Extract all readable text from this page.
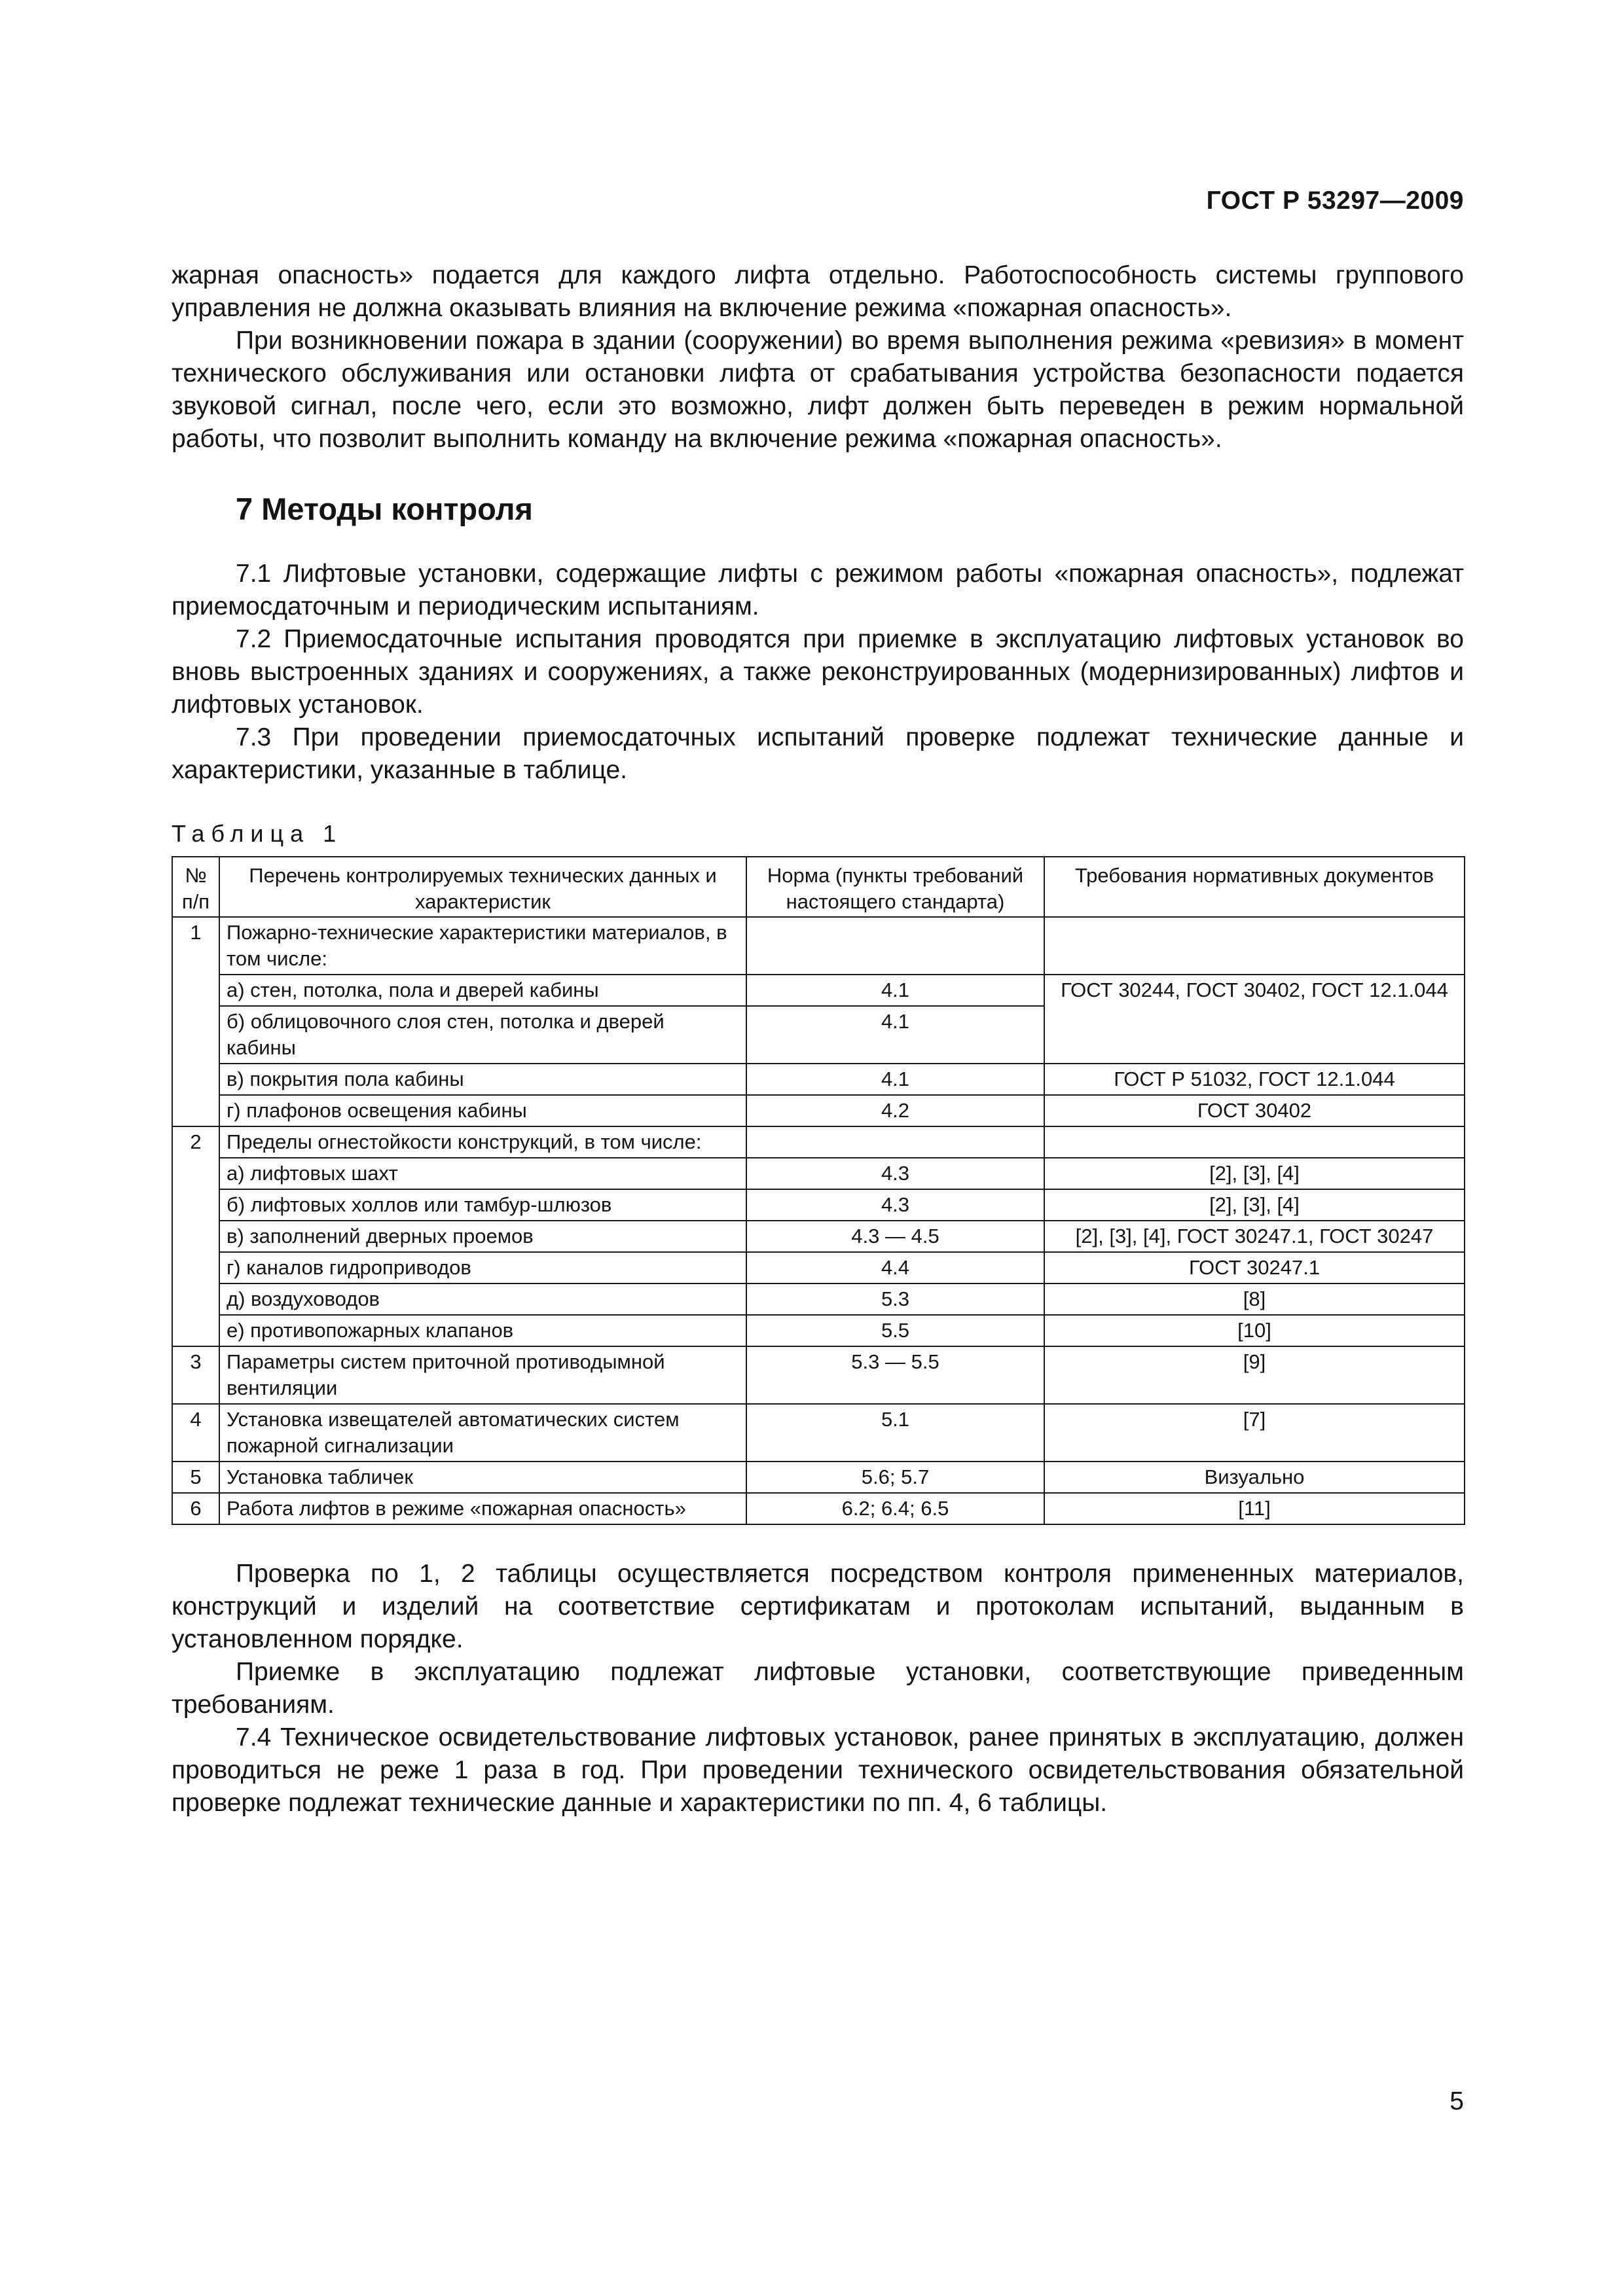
ГОСТ Р 53297—2009

жарная опасность» подается для каждого лифта отдельно. Работоспособность системы группового управления не должна оказывать влияния на включение режима «пожарная опасность».

При возникновении пожара в здании (сооружении) во время выполнения режима «ревизия» в момент технического обслуживания или остановки лифта от срабатывания устройства безопасности подается звуковой сигнал, после чего, если это возможно, лифт должен быть переведен в режим нормальной работы, что позволит выполнить команду на включение режима «пожарная опасность».

7 Методы контроля

7.1 Лифтовые установки, содержащие лифты с режимом работы «пожарная опасность», подлежат приемосдаточным и периодическим испытаниям.

7.2 Приемосдаточные испытания проводятся при приемке в эксплуатацию лифтовых установок во вновь выстроенных зданиях и сооружениях, а также реконструированных (модернизированных) лифтов и лифтовых установок.

7.3 При проведении приемосдаточных испытаний проверке подлежат технические данные и характеристики, указанные в таблице.

Таблица 1
№ п/п	Перечень контролируемых технических данных и характеристик	Норма (пункты требований настоящего стандарта)	Требования нормативных документов
1	Пожарно-технические характеристики материалов, в том числе:		
	а) стен, потолка, пола и дверей кабины	4.1	ГОСТ 30244, ГОСТ 30402, ГОСТ 12.1.044
	б) облицовочного слоя стен, потолка и дверей кабины	4.1	
	в) покрытия пола кабины	4.1	ГОСТ Р 51032, ГОСТ 12.1.044
	г) плафонов освещения кабины	4.2	ГОСТ 30402
2	Пределы огнестойкости конструкций, в том числе:		
	а) лифтовых шахт	4.3	[2], [3], [4]
	б) лифтовых холлов или тамбур-шлюзов	4.3	[2], [3], [4]
	в) заполнений дверных проемов	4.3 — 4.5	[2], [3], [4], ГОСТ 30247.1, ГОСТ 30247
	г) каналов гидроприводов	4.4	ГОСТ 30247.1
	д) воздуховодов	5.3	[8]
	е) противопожарных клапанов	5.5	[10]
3	Параметры систем приточной противодымной вентиляции	5.3 — 5.5	[9]
4	Установка извещателей автоматических систем пожарной сигнализации	5.1	[7]
5	Установка табличек	5.6; 5.7	Визуально
6	Работа лифтов в режиме «пожарная опасность»	6.2; 6.4; 6.5	[11]

Проверка по 1, 2 таблицы осуществляется посредством контроля примененных материалов, конструкций и изделий на соответствие сертификатам и протоколам испытаний, выданным в установленном порядке.

Приемке в эксплуатацию подлежат лифтовые установки, соответствующие приведенным требованиям.

7.4 Техническое освидетельствование лифтовых установок, ранее принятых в эксплуатацию, должен проводиться не реже 1 раза в год. При проведении технического освидетельствования обязательной проверке подлежат технические данные и характеристики по пп. 4, 6 таблицы.

5
